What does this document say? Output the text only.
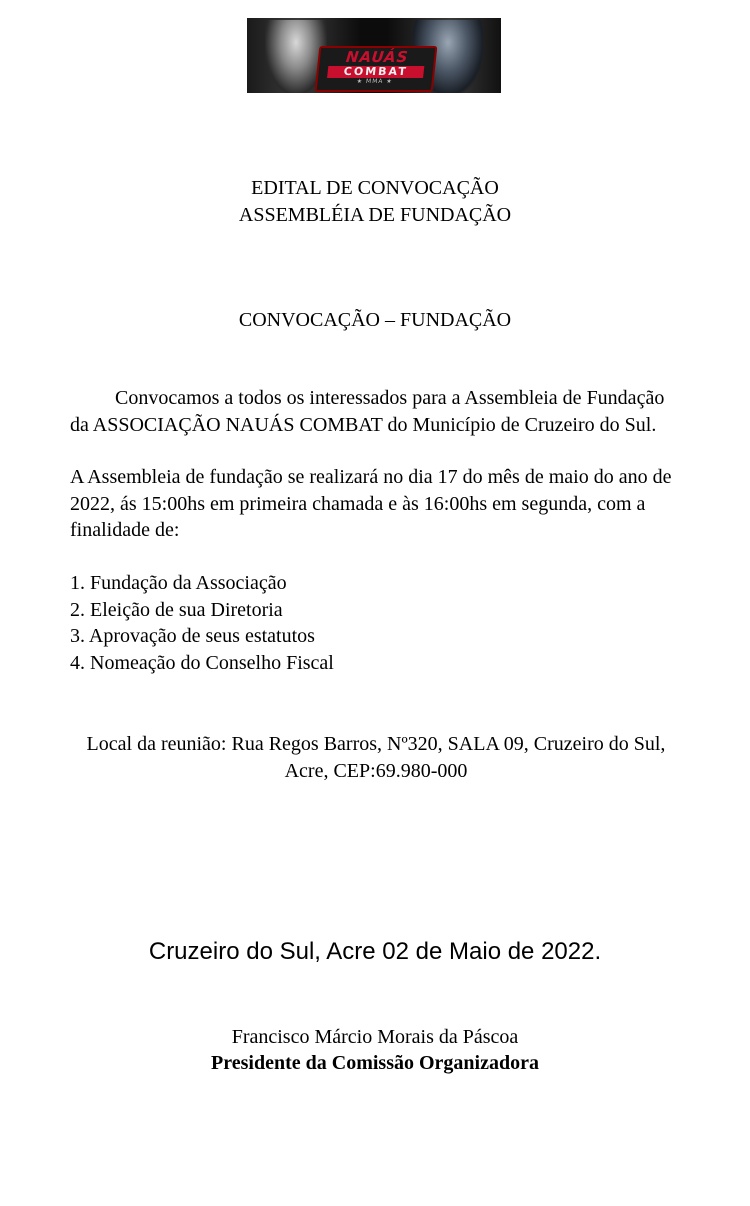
NAUÁS
COMBAT
★ MMA ★
EDITAL DE CONVOCAÇÃO
ASSEMBLÉIA DE FUNDAÇÃO
CONVOCAÇÃO – FUNDAÇÃO

Convocamos a todos os interessados para a Assembleia de Fundação da ASSOCIAÇÃO NAUÁS COMBAT do Município de Cruzeiro do Sul.

A Assembleia de fundação se realizará no dia 17 do mês de maio do ano de 2022, ás 15:00hs em primeira chamada e às 16:00hs em segunda, com a finalidade de:

1. Fundação da Associação
2. Eleição de sua Diretoria
3. Aprovação de seus estatutos
4. Nomeação do Conselho Fiscal
Local da reunião: Rua Regos Barros, Nº320, SALA 09, Cruzeiro do Sul, Acre, CEP:69.980-000
Cruzeiro do Sul, Acre 02 de Maio de 2022.
Francisco Márcio Morais da Páscoa
Presidente da Comissão Organizadora
